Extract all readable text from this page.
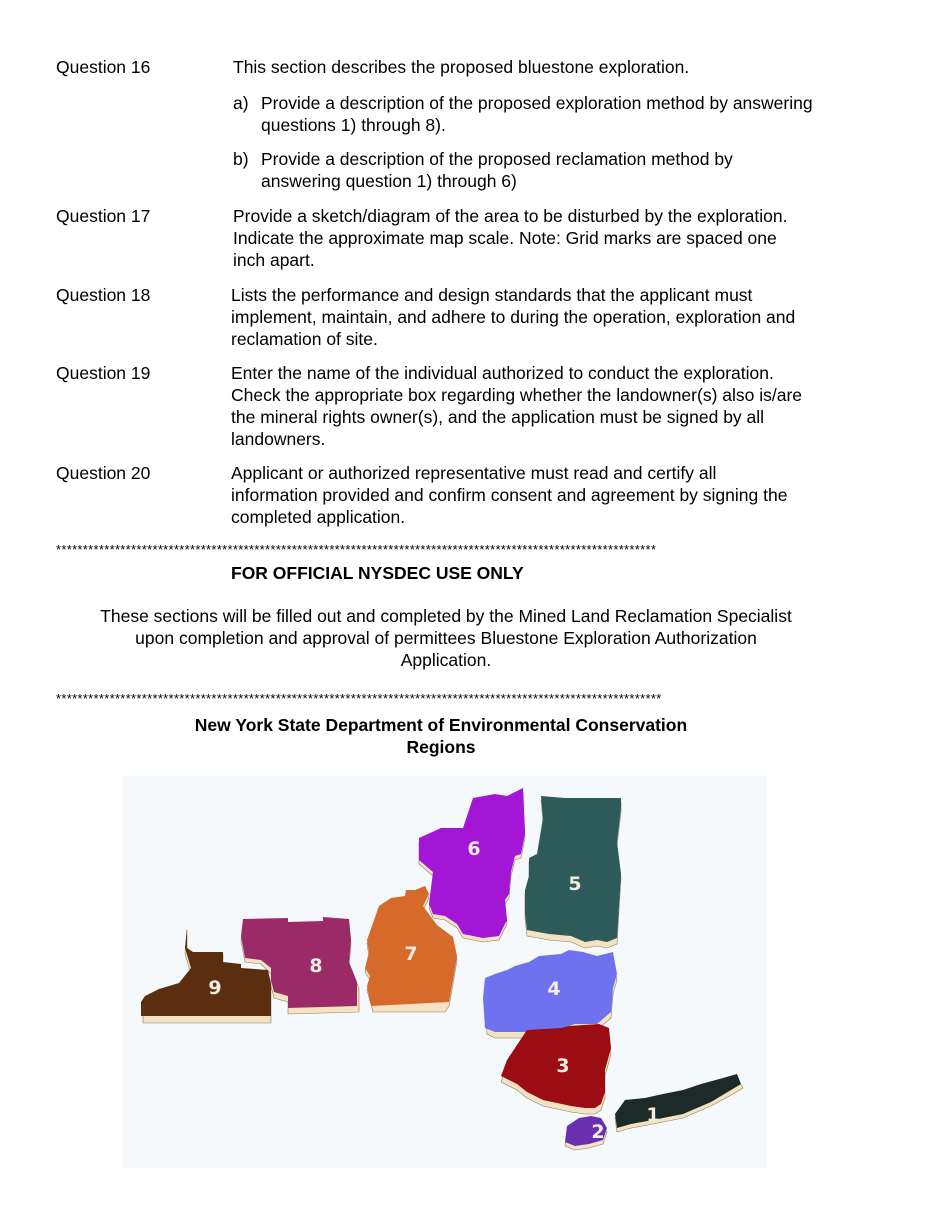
Question 16	This section describes the proposed bluestone exploration.
a) Provide a description of the proposed exploration method by answering
questions 1) through 8).
b) Provide a description of the proposed reclamation method by
answering question 1) through 6)
Question 17	Provide a sketch/diagram of the area to be disturbed by the exploration.
Indicate the approximate map scale. Note: Grid marks are spaced one
inch apart.
Question 18	Lists the performance and design standards that the applicant must
implement, maintain, and adhere to during the operation, exploration and
reclamation of site.
Question 19	Enter the name of the individual authorized to conduct the exploration.
Check the appropriate box regarding whether the landowner(s) also is/are
the mineral rights owner(s), and the application must be signed by all
landowners.
Question 20	Applicant or authorized representative must read and certify all
information provided and confirm consent and agreement by signing the
completed application.
****************************************************************************************************************
FOR OFFICIAL NYSDEC USE ONLY
These sections will be filled out and completed by the Mined Land Reclamation Specialist
upon completion and approval of permittees Bluestone Exploration Authorization
Application.
*****************************************************************************************************************
New York State Department of Environmental Conservation
Regions
9
8
7
6
5
4
3
2
1
